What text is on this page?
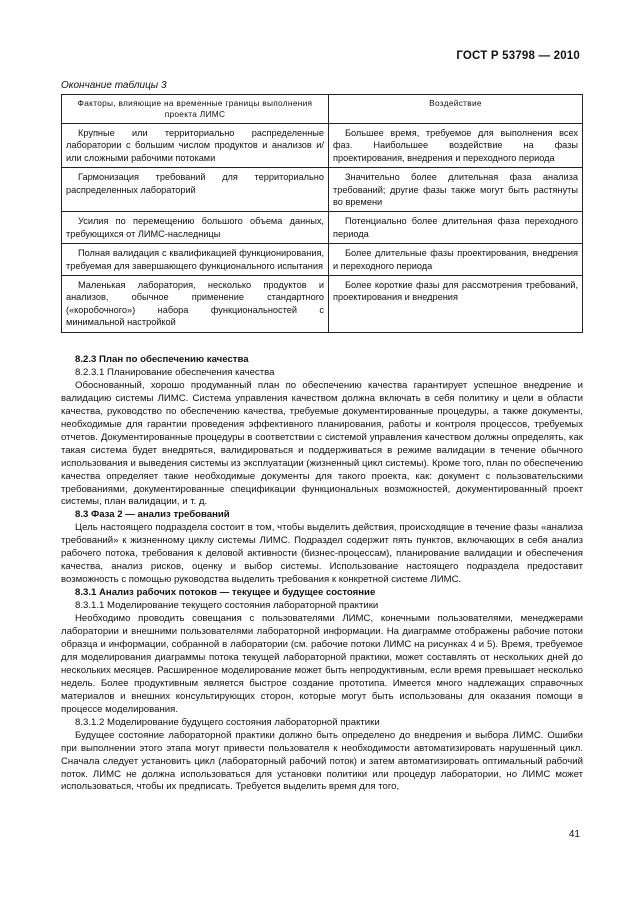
ГОСТ Р 53798 — 2010
Окончание таблицы 3
Факторы, влияющие на временные границы выполнения проекта ЛИМС	Воздействие
Крупные или территориально распределенные лаборатории с большим числом продуктов и анализов и/или сложными рабочими потоками	Большее время, требуемое для выполнения всех фаз. Наибольшее воздействие на фазы проектирования, внедрения и переходного периода
Гармонизация требований для территориально распределенных лабораторий	Значительно более длительная фаза анализа требований; другие фазы также могут быть растянуты во времени
Усилия по перемещению большого объема данных, требующихся от ЛИМС-наследницы	Потенциально более длительная фаза переходного периода
Полная валидация с квалификацией функционирования, требуемая для завершающего функционального испытания	Более длительные фазы проектирования, внедрения и переходного периода
Маленькая лаборатория, несколько продуктов и анализов, обычное применение стандартного («коробочного») набора функциональностей с минимальной настройкой	Более короткие фазы для рассмотрения требований, проектирования и внедрения

8.2.3 План по обеспечению качества

8.2.3.1 Планирование обеспечения качества

Обоснованный, хорошо продуманный план по обеспечению качества гарантирует успешное внедрение и валидацию системы ЛИМС. Система управления качеством должна включать в себя политику и цели в области качества, руководство по обеспечению качества, требуемые документированные процедуры, а также документы, необходимые для гарантии проведения эффективного планирования, работы и контроля процессов, требуемых отчетов. Документированные процедуры в соответствии с системой управления качеством должны определять, как такая система будет внедряться, валидироваться и поддерживаться в режиме валидации в течение обычного использования и выведения системы из эксплуатации (жизненный цикл системы). Кроме того, план по обеспечению качества определяет такие необходимые документы для такого проекта, как: документ с пользовательскими требованиями, документированные спецификации функциональных возможностей, документированный проект системы, план валидации, и т. д.

8.3 Фаза 2 — анализ требований

Цель настоящего подраздела состоит в том, чтобы выделить действия, происходящие в течение фазы «анализа требований» к жизненному циклу системы ЛИМС. Подраздел содержит пять пунктов, включающих в себя анализ рабочего потока, требования к деловой активности (бизнес-процессам), планирование валидации и обеспечения качества, анализ рисков, оценку и выбор системы. Использование настоящего подраздела предоставит возможность с помощью руководства выделить требования к конкретной системе ЛИМС.

8.3.1 Анализ рабочих потоков — текущее и будущее состояние

8.3.1.1 Моделирование текущего состояния лабораторной практики

Необходимо проводить совещания с пользователями ЛИМС, конечными пользователями, менеджерами лаборатории и внешними пользователями лабораторной информации. На диаграмме отображены рабочие потоки образца и информации, собранной в лаборатории (см. рабочие потоки ЛИМС на рисунках 4 и 5). Время, требуемое для моделирования диаграммы потока текущей лабораторной практики, может составлять от нескольких дней до нескольких месяцев. Расширенное моделирование может быть непродуктивным, если время превышает несколько недель. Более продуктивным является быстрое создание прототипа. Имеется много надлежащих справочных материалов и внешних консультирующих сторон, которые могут быть использованы для оказания помощи в процессе моделирования.

8.3.1.2 Моделирование будущего состояния лабораторной практики

Будущее состояние лабораторной практики должно быть определено до внедрения и выбора ЛИМС. Ошибки при выполнении этого этапа могут привести пользователя к необходимости автоматизировать нарушенный цикл. Сначала следует установить цикл (лабораторный рабочий поток) и затем автоматизировать оптимальный рабочий поток. ЛИМС не должна использоваться для установки политики или процедур лаборатории, но ЛИМС может использоваться, чтобы их предписать. Требуется выделить время для того,

41
